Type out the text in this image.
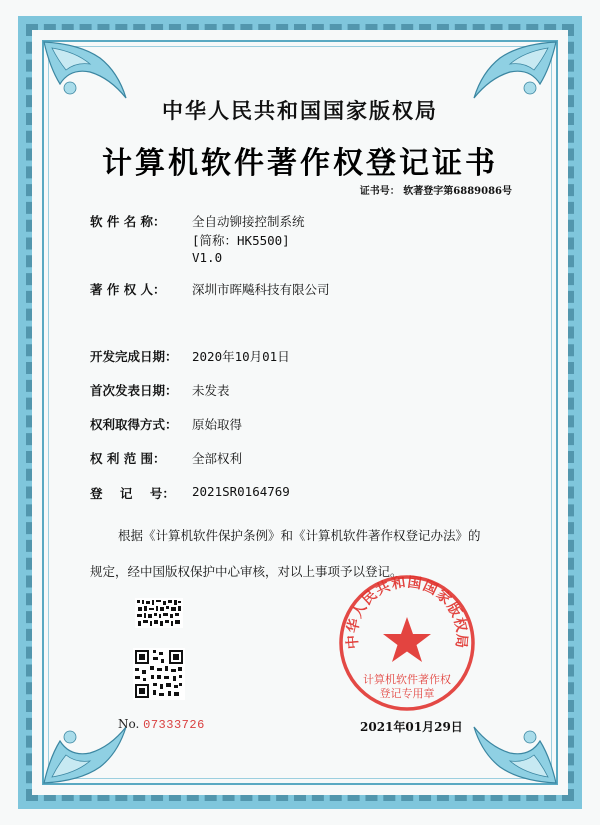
中华人民共和国国家版权局
计算机软件著作权登记证书
证书号： 软著登字第6889086号
软 件 名 称： 全自动铆接控制系统
[简称：HK5500]
V1.0
著 作 权 人： 深圳市晖飚科技有限公司
开发完成日期： 2020年10月01日
首次发表日期： 未发表
权利取得方式： 原始取得
权 利 范 围： 全部权利
登    记    号： 2021SR0164769
根据《计算机软件保护条例》和《计算机软件著作权登记办法》的
规定，经中国版权保护中心审核，对以上事项予以登记。
No. 07333726
中华人民共和国国家版权局
计算机软件著作权
登记专用章
2021年01月29日
